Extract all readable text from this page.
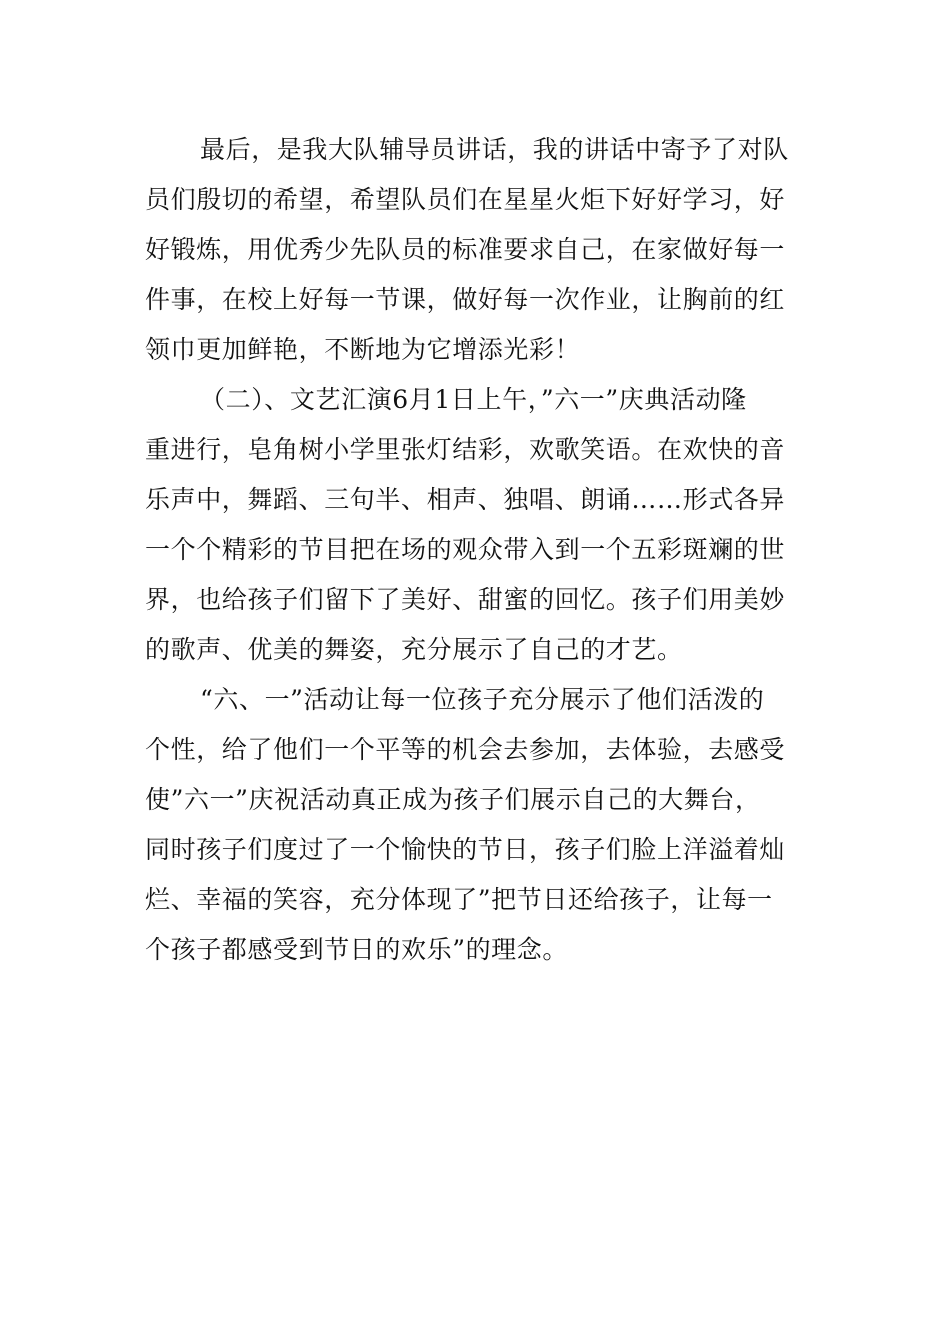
最后，是我大队辅导员讲话，我的讲话中寄予了对队
员们殷切的希望，希望队员们在星星火炬下好好学习，好
好锻炼，用优秀少先队员的标准要求自己，在家做好每一
件事，在校上好每一节课，做好每一次作业，让胸前的红
领巾更加鲜艳，不断地为它增添光彩！
（二）、文艺汇演6月1日上午，”六一”庆典活动隆
重进行，皂角树小学里张灯结彩，欢歌笑语。在欢快的音
乐声中，舞蹈、三句半、相声、独唱、朗诵……形式各异
一个个精彩的节目把在场的观众带入到一个五彩斑斓的世
界，也给孩子们留下了美好、甜蜜的回忆。孩子们用美妙
的歌声、优美的舞姿，充分展示了自己的才艺。
“六、一”活动让每一位孩子充分展示了他们活泼的
个性，给了他们一个平等的机会去参加，去体验，去感受
使”六一”庆祝活动真正成为孩子们展示自己的大舞台，
同时孩子们度过了一个愉快的节日，孩子们脸上洋溢着灿
烂、幸福的笑容，充分体现了”把节日还给孩子，让每一
个孩子都感受到节日的欢乐”的理念。
